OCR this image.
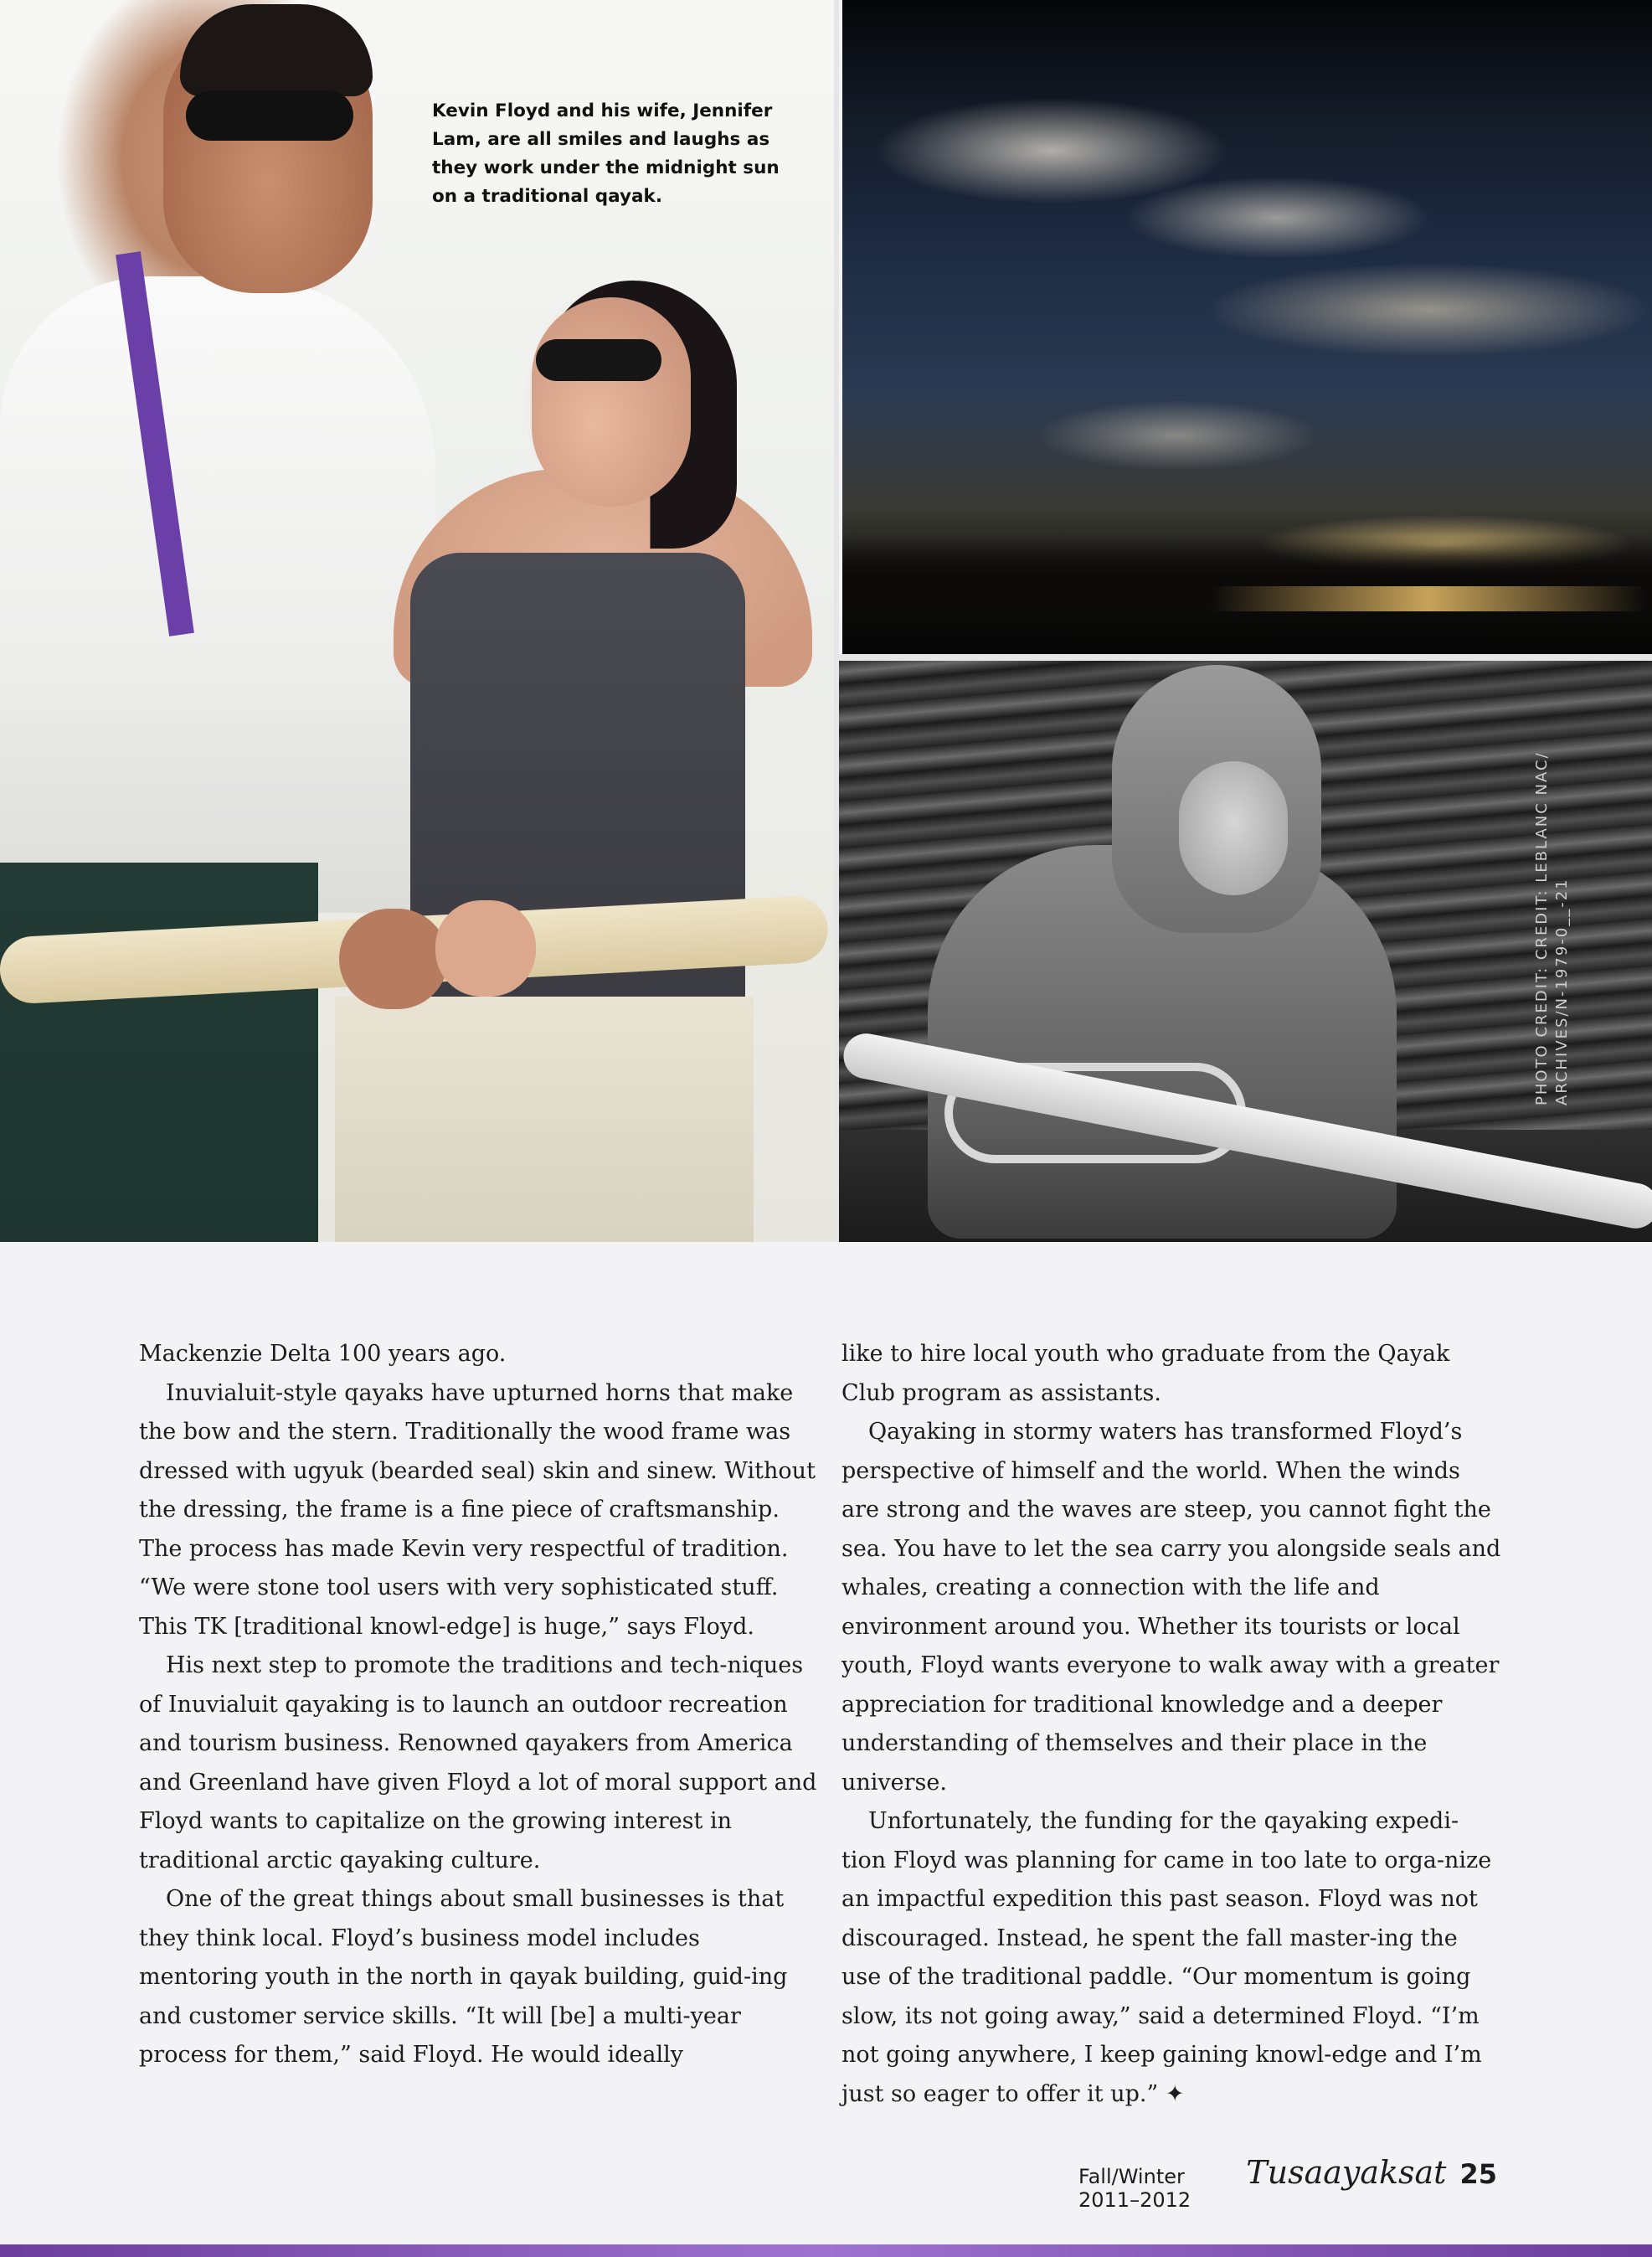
Kevin Floyd and his wife, Jennifer Lam, are all smiles and laughs as they work under the midnight sun on a traditional qayak.
PHOTO CREDIT: CREDIT: LEBLANC NAC/
ARCHIVES/N-1979-0__-21

Mackenzie Delta 100 years ago.

Inuvialuit-style qayaks have upturned horns that make the bow and the stern. Traditionally the wood frame was dressed with ugyuk (bearded seal) skin and sinew. Without the dressing, the frame is a fine piece of craftsmanship. The process has made Kevin very respectful of tradition. “We were stone tool users with very sophisticated stuff. This TK [traditional knowl-edge] is huge,” says Floyd.

His next step to promote the traditions and tech-niques of Inuvialuit qayaking is to launch an outdoor recreation and tourism business. Renowned qayakers from America and Greenland have given Floyd a lot of moral support and Floyd wants to capitalize on the growing interest in traditional arctic qayaking culture.

One of the great things about small businesses is that they think local. Floyd’s business model includes mentoring youth in the north in qayak building, guid-ing and customer service skills. “It will [be] a multi-year process for them,” said Floyd. He would ideally

like to hire local youth who graduate from the Qayak Club program as assistants.

Qayaking in stormy waters has transformed Floyd’s perspective of himself and the world. When the winds are strong and the waves are steep, you cannot fight the sea. You have to let the sea carry you alongside seals and whales, creating a connection with the life and environment around you. Whether its tourists or local youth, Floyd wants everyone to walk away with a greater appreciation for traditional knowledge and a deeper understanding of themselves and their place in the universe.

Unfortunately, the funding for the qayaking expedi-tion Floyd was planning for came in too late to orga-nize an impactful expedition this past season. Floyd was not discouraged. Instead, he spent the fall master-ing the use of the traditional paddle. “Our momentum is going slow, its not going away,” said a determined Floyd. “I’m not going anywhere, I keep gaining knowl-edge and I’m just so eager to offer it up.” ✦

Fall/Winter 2011–2012
Tusaayaksat 25
